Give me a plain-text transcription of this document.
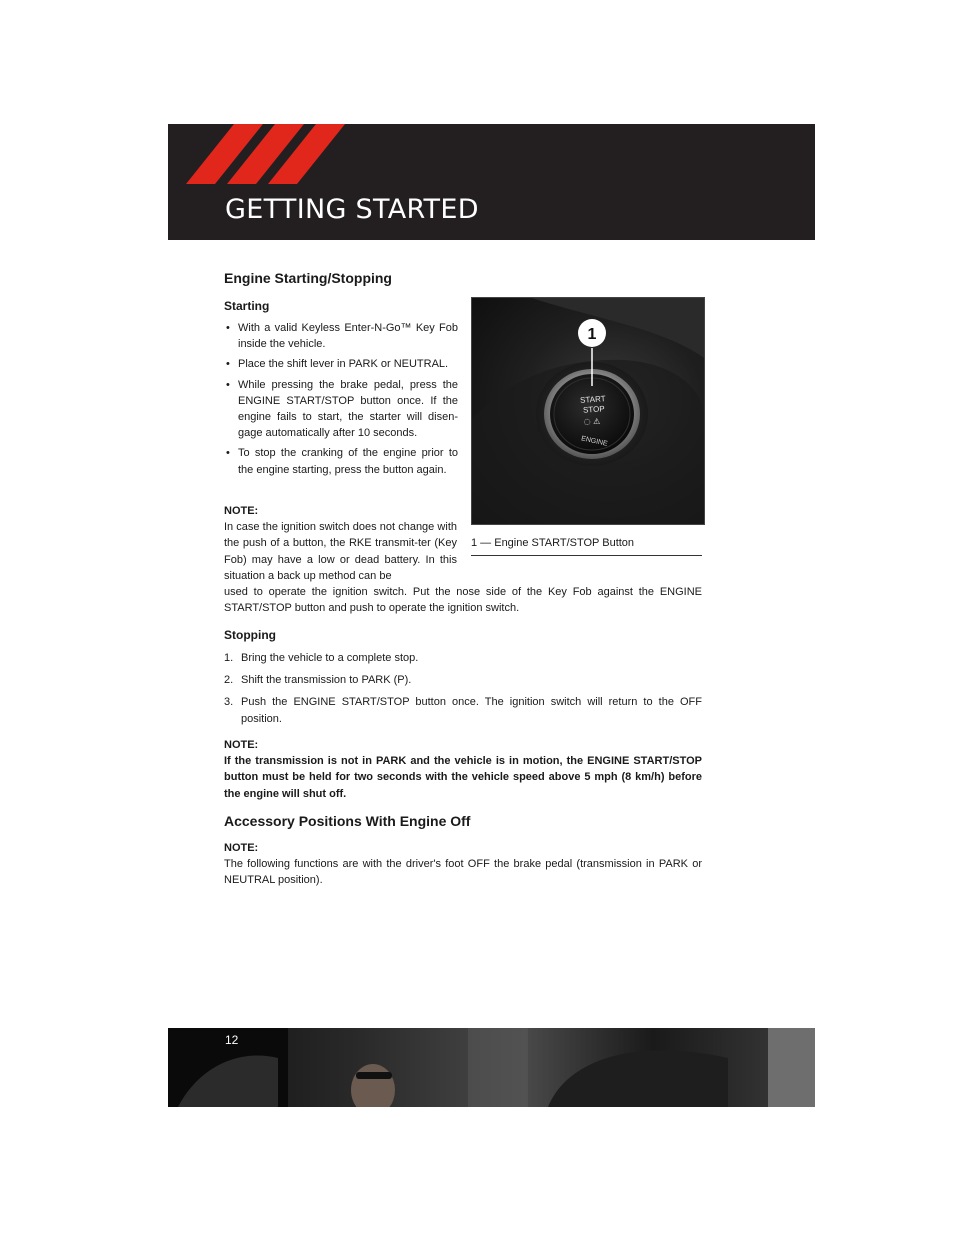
GETTING STARTED
Engine Starting/Stopping
Starting
• With a valid Keyless Enter-N-Go™ Key Fob inside the vehicle.
• Place the shift lever in PARK or NEUTRAL.
• While pressing the brake pedal, press the ENGINE START/STOP button once. If the engine fails to start, the starter will disen-gage automatically after 10 seconds.
• To stop the cranking of the engine prior to the engine starting, press the button again.
NOTE:
In case the ignition switch does not change with the push of a button, the RKE transmit-ter (Key Fob) may have a low or dead battery. In this situation a back up method can be
used to operate the ignition switch. Put the nose side of the Key Fob against the ENGINE START/STOP button and push to operate the ignition switch.
START
STOP
◌ ⚠
ENGINE
1
1 — Engine START/STOP Button
Stopping
1. Bring the vehicle to a complete stop.
2. Shift the transmission to PARK (P).
3. Push the ENGINE START/STOP button once. The ignition switch will return to the OFF position.
NOTE:
If the transmission is not in PARK and the vehicle is in motion, the ENGINE START/STOP button must be held for two seconds with the vehicle speed above 5 mph (8 km/h) before the engine will shut off.
Accessory Positions With Engine Off
NOTE:
The following functions are with the driver's foot OFF the brake pedal (transmission in PARK or NEUTRAL position).
12
